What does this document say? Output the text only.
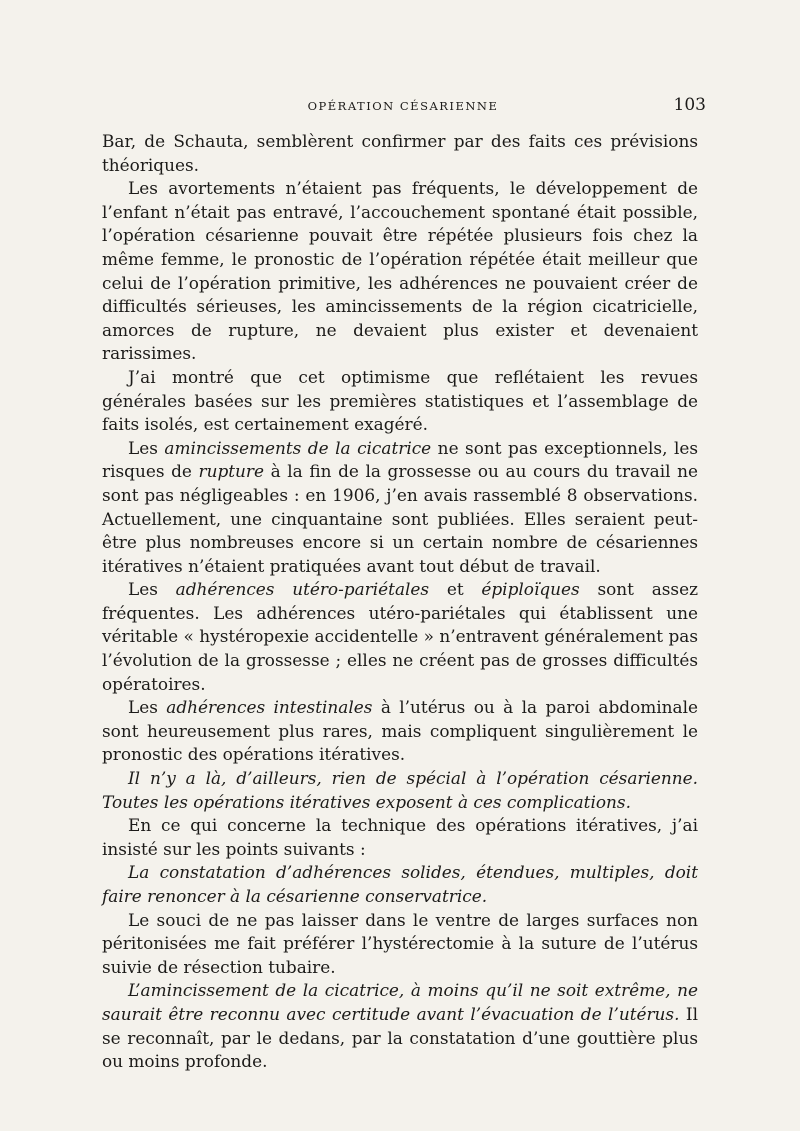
OPÉRATION CÉSARIENNE	103

Bar, de Schauta, semblèrent confirmer par des faits ces prévisions théoriques.

Les avortements n’étaient pas fréquents, le développement de l’enfant n’était pas entravé, l’accouchement spontané était possible, l’opération césarienne pouvait être répétée plusieurs fois chez la même femme, le pronostic de l’opération répétée était meilleur que celui de l’opération primitive, les adhérences ne pouvaient créer de difficultés sérieuses, les amincissements de la région cicatricielle, amorces de rupture, ne devaient plus exister et devenaient rarissimes.

J’ai montré que cet optimisme que reflétaient les revues générales basées sur les premières statistiques et l’assemblage de faits isolés, est certainement exagéré.

Les amincissements de la cicatrice ne sont pas exceptionnels, les risques de rupture à la fin de la grossesse ou au cours du travail ne sont pas négligeables : en 1906, j’en avais rassemblé 8 observations. Actuellement, une cinquantaine sont publiées. Elles seraient peut-être plus nombreuses encore si un certain nombre de césariennes itératives n’étaient pratiquées avant tout début de travail.

Les adhérences utéro-pariétales et épiploïques sont assez fréquentes. Les adhérences utéro-pariétales qui établissent une véritable « hystéropexie accidentelle » n’entravent généralement pas l’évolution de la grossesse ; elles ne créent pas de grosses difficultés opératoires.

Les adhérences intestinales à l’utérus ou à la paroi abdominale sont heureusement plus rares, mais compliquent singulièrement le pronostic des opérations itératives.

Il n’y a là, d’ailleurs, rien de spécial à l’opération césarienne. Toutes les opérations itératives exposent à ces complications.

En ce qui concerne la technique des opérations itératives, j’ai insisté sur les points suivants :

La constatation d’adhérences solides, étendues, multiples, doit faire renoncer à la césarienne conservatrice.

Le souci de ne pas laisser dans le ventre de larges surfaces non péritonisées me fait préférer l’hystérectomie à la suture de l’utérus suivie de résection tubaire.

L’amincissement de la cicatrice, à moins qu’il ne soit extrême, ne saurait être reconnu avec certitude avant l’évacuation de l’utérus. Il se reconnaît, par le dedans, par la constatation d’une gouttière plus ou moins profonde.
